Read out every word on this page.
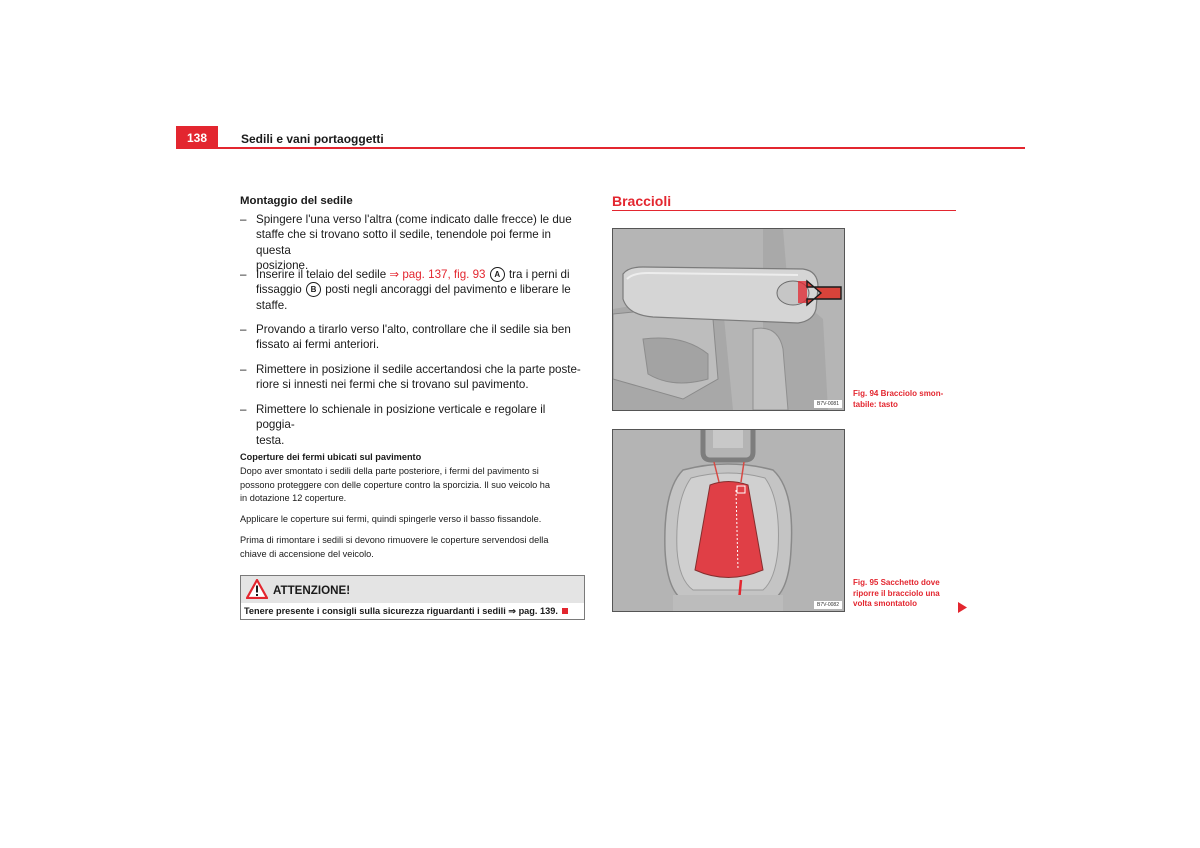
138	Sedili e vani portaoggetti
Montaggio del sedile
– Spingere l'una verso l'altra (come indicato dalle frecce) le due
staffe che si trovano sotto il sedile, tenendole poi ferme in questa
posizione.
– Inserire il telaio del sedile ⇒ pag. 137, fig. 93 A tra i perni di
fissaggio B posti negli ancoraggi del pavimento e liberare le
staffe.
– Provando a tirarlo verso l'alto, controllare che il sedile sia ben
fissato ai fermi anteriori.
– Rimettere in posizione il sedile accertandosi che la parte poste-
riore si innesti nei fermi che si trovano sul pavimento.
– Rimettere lo schienale in posizione verticale e regolare il poggia-
testa.
Coperture dei fermi ubicati sul pavimento
Dopo aver smontato i sedili della parte posteriore, i fermi del pavimento si
possono proteggere con delle coperture contro la sporcizia. Il suo veicolo ha
in dotazione 12 coperture.
Applicare le coperture sui fermi, quindi spingerle verso il basso fissandole.
Prima di rimontare i sedili si devono rimuovere le coperture servendosi della
chiave di accensione del veicolo.
ATTENZIONE!
Tenere presente i consigli sulla sicurezza riguardanti i sedili ⇒ pag. 139.
Braccioli
B7V-0081
Fig. 94 Bracciolo smon-
tabile: tasto
B7V-0082
Fig. 95 Sacchetto dove
riporre il bracciolo una
volta smontatolo
